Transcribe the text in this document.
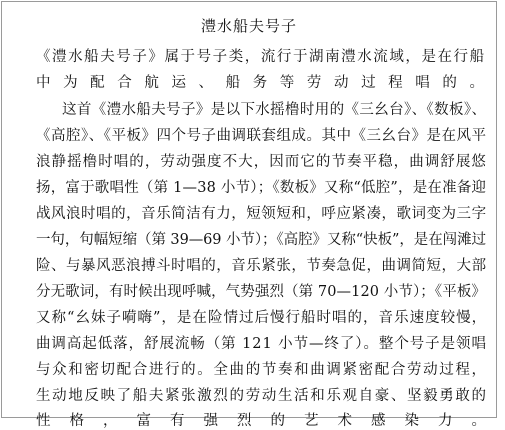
澧水船夫号子
《澧水船夫号子》属于号子类，流行于湖南澧水流域，是在行船
中为配合航运、船务等劳动过程唱的。
这首《澧水船夫号子》是以下水摇橹时用的《三幺台》、《数板》、
《高腔》、《平板》四个号子曲调联套组成。其中《三幺台》是在风平
浪静摇橹时唱的，劳动强度不大，因而它的节奏平稳，曲调舒展悠
扬，富于歌唱性（第 1—38 小节）；《数板》又称“低腔”，是在准备迎
战风浪时唱的，音乐简洁有力，短领短和，呼应紧凑，歌词变为三字
一句，句幅短缩（第 39—69 小节）；《高腔》又称“快板”，是在闯滩过
险、与暴风恶浪搏斗时唱的，音乐紧张，节奏急促，曲调简短，大部
分无歌词，有时候出现呼喊，气势强烈（第 70—120 小节）；《平板》
又称“幺妹子嗬嗨”，是在险情过后慢行船时唱的，音乐速度较慢，
曲调高起低落，舒展流畅（第 121 小节—终了）。整个号子是领唱
与众和密切配合进行的。全曲的节奏和曲调紧密配合劳动过程，
生动地反映了船夫紧张激烈的劳动生活和乐观自豪、坚毅勇敢的
性格，富有强烈的艺术感染力。
